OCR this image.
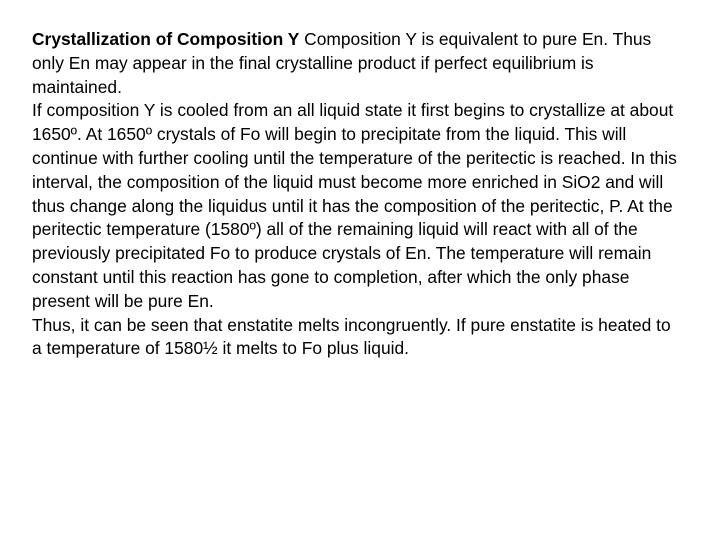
Crystallization of Composition Y Composition Y is equivalent to pure En. Thus only En may appear in the final crystalline product if perfect equilibrium is maintained.

If composition Y is cooled from an all liquid state it first begins to crystallize at about 1650º. At 1650º crystals of Fo will begin to precipitate from the liquid. This will continue with further cooling until the temperature of the peritectic is reached. In this interval, the composition of the liquid must become more enriched in SiO2 and will thus change along the liquidus until it has the composition of the peritectic, P. At the peritectic temperature (1580º) all of the remaining liquid will react with all of the previously precipitated Fo to produce crystals of En. The temperature will remain constant until this reaction has gone to completion, after which the only phase present will be pure En.

Thus, it can be seen that enstatite melts incongruently. If pure enstatite is heated to a temperature of 1580½ it melts to Fo plus liquid.
